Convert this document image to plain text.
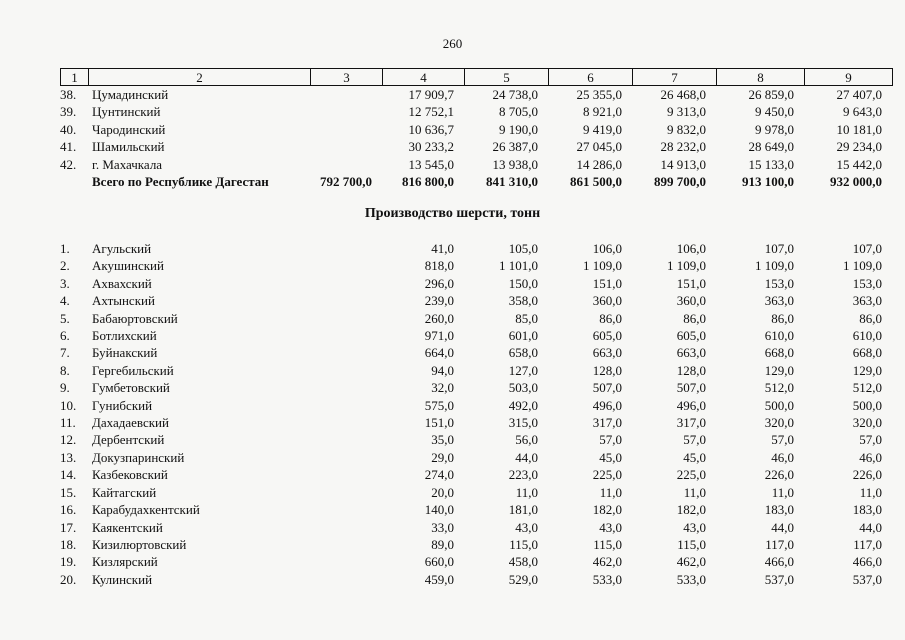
260
1	2	3	4	5	6	7	8	9
38.	Цумадинский		17 909,7	24 738,0	25 355,0	26 468,0	26 859,0	27 407,0
39.	Цунтинский		12 752,1	8 705,0	8 921,0	9 313,0	9 450,0	9 643,0
40.	Чародинский		10 636,7	9 190,0	9 419,0	9 832,0	9 978,0	10 181,0
41.	Шамильский		30 233,2	26 387,0	27 045,0	28 232,0	28 649,0	29 234,0
42.	г. Махачкала		13 545,0	13 938,0	14 286,0	14 913,0	15 133,0	15 442,0
	Всего по Республике Дагестан	792 700,0	816 800,0	841 310,0	861 500,0	899 700,0	913 100,0	932 000,0
Производство шерсти, тонн
1.	Агульский		41,0	105,0	106,0	106,0	107,0	107,0
2.	Акушинский		818,0	1 101,0	1 109,0	1 109,0	1 109,0	1 109,0
3.	Ахвахский		296,0	150,0	151,0	151,0	153,0	153,0
4.	Ахтынский		239,0	358,0	360,0	360,0	363,0	363,0
5.	Бабаюртовский		260,0	85,0	86,0	86,0	86,0	86,0
6.	Ботлихский		971,0	601,0	605,0	605,0	610,0	610,0
7.	Буйнакский		664,0	658,0	663,0	663,0	668,0	668,0
8.	Гергебильский		94,0	127,0	128,0	128,0	129,0	129,0
9.	Гумбетовский		32,0	503,0	507,0	507,0	512,0	512,0
10.	Гунибский		575,0	492,0	496,0	496,0	500,0	500,0
11.	Дахадаевский		151,0	315,0	317,0	317,0	320,0	320,0
12.	Дербентский		35,0	56,0	57,0	57,0	57,0	57,0
13.	Докузпаринский		29,0	44,0	45,0	45,0	46,0	46,0
14.	Казбековский		274,0	223,0	225,0	225,0	226,0	226,0
15.	Кайтагский		20,0	11,0	11,0	11,0	11,0	11,0
16.	Карабудахкентский		140,0	181,0	182,0	182,0	183,0	183,0
17.	Каякентский		33,0	43,0	43,0	43,0	44,0	44,0
18.	Кизилюртовский		89,0	115,0	115,0	115,0	117,0	117,0
19.	Кизлярский		660,0	458,0	462,0	462,0	466,0	466,0
20.	Кулинский		459,0	529,0	533,0	533,0	537,0	537,0
